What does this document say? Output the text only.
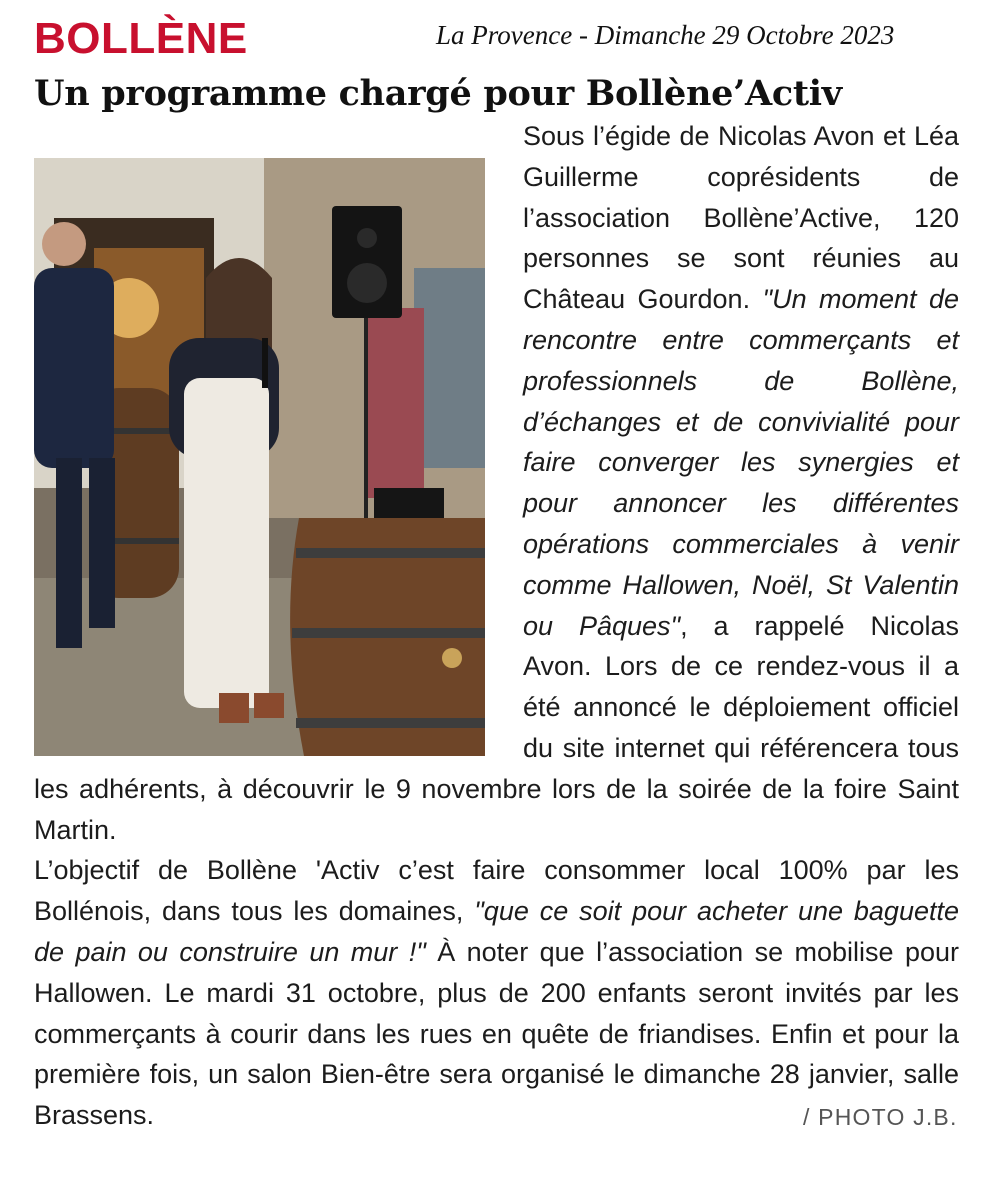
BOLLÈNE	La Provence - Dimanche 29 Octobre 2023
Un programme chargé pour Bollène’Activ

Sous l’égide de Nicolas Avon et Léa Guillerme coprésidents de l’association Bollène’Active, 120 personnes se sont réunies au Château Gourdon. "Un moment de rencontre entre commerçants et professionnels de Bollène, d’échanges et de convivialité pour faire converger les synergies et pour annoncer les différentes opérations commerciales à venir comme Hallowen, Noël, St Valentin ou Pâques", a rappelé Nicolas Avon. Lors de ce rendez-vous il a été annoncé le déploiement officiel du site internet qui référencera tous les adhérents, à découvrir le 9 novembre lors de la soirée de la foire Saint Martin.

L’objectif de Bollène 'Activ c’est faire consommer local 100% par les Bollénois, dans tous les domaines, "que ce soit pour acheter une baguette de pain ou construire un mur !" À noter que l’association se mobilise pour Hallowen. Le mardi 31 octobre, plus de 200 enfants seront invités par les commerçants à courir dans les rues en quête de friandises. Enfin et pour la première fois, un salon Bien-être sera organisé le dimanche 28 janvier, salle Brassens.	/ PHOTO J.B.
